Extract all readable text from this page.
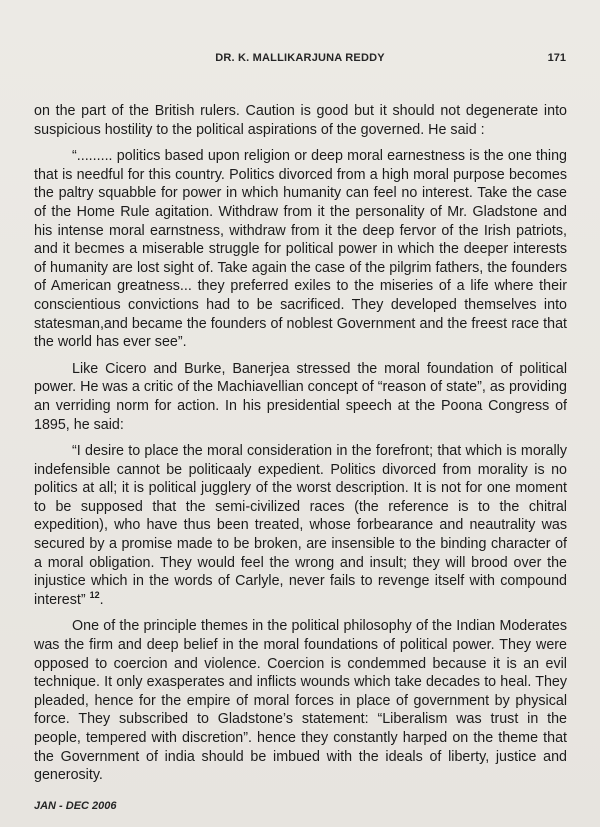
DR. K. MALLIKARJUNA REDDY	171

on the part of the British rulers. Caution is good but it should not degenerate into suspicious hostility to the political aspirations of the governed. He said :

“......... politics based upon religion or deep moral earnestness is the one thing that is needful for this country. Politics divorced from a high moral purpose becomes the paltry squabble for power in which humanity can feel no interest. Take the case of the Home Rule agitation. Withdraw from it the personality of Mr. Gladstone and his intense moral earnstness, withdraw from it the deep fervor of the Irish patriots, and it becmes a miserable struggle for political power in which the deeper interests of humanity are lost sight of. Take again the case of the pilgrim fathers, the founders of American greatness... they preferred exiles to the miseries of a life where their conscientious convictions had to be sacrificed. They developed themselves into statesman,and became the founders of noblest Government and the freest race that the world has ever see”.

Like Cicero and Burke, Banerjea stressed the moral foundation of political power. He was a critic of the Machiavellian concept of “reason of state”, as providing an verriding norm for action. In his presidential speech at the Poona Congress of 1895, he said:

“I desire to place the moral consideration in the forefront; that which is morally indefensible cannot be politicaaly expedient. Politics divorced from morality is no politics at all; it is political jugglery of the worst description. It is not for one moment to be supposed that the semi-civilized races (the reference is to the chitral expedition), who have thus been treated, whose forbearance and neautrality was secured by a promise made to be broken, are insensible to the binding character of a moral obligation. They would feel the wrong and insult; they will brood over the injustice which in the words of Carlyle, never fails to revenge itself with compound interest” $^{12}$.

One of the principle themes in the political philosophy of the Indian Moderates was the firm and deep belief in the moral foundations of political power. They were opposed to coercion and violence. Coercion is condemmed because it is an evil technique. It only exasperates and inflicts wounds which take decades to heal. They pleaded, hence for the empire of moral forces in place of government by physical force. They subscribed to Gladstone’s statement: “Liberalism was trust in the people, tempered with discretion”. hence they constantly harped on the theme that the Government of india should be imbued with the ideals of liberty, justice and generosity.

JAN - DEC 2006
